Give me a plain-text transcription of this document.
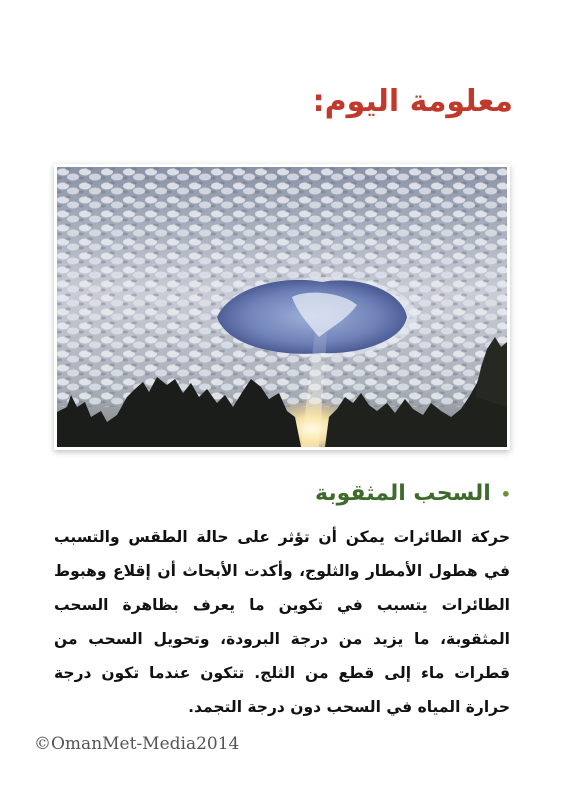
معلومة اليوم:
•السحب المثقوبة

حركة الطائرات يمكن أن تؤثر على حالة الطقس والتسبب في هطول الأمطار والثلوج، وأكدت الأبحاث أن إقلاع وهبوط الطائرات يتسبب في تكوين ما يعرف بظاهرة السحب المثقوبة، ما يزيد من درجة البرودة، وتحويل السحب من قطرات ماء إلى قطع من الثلج. تتكون عندما تكون درجة حرارة المياه في السحب دون درجة التجمد.

©OmanMet-Media2014
